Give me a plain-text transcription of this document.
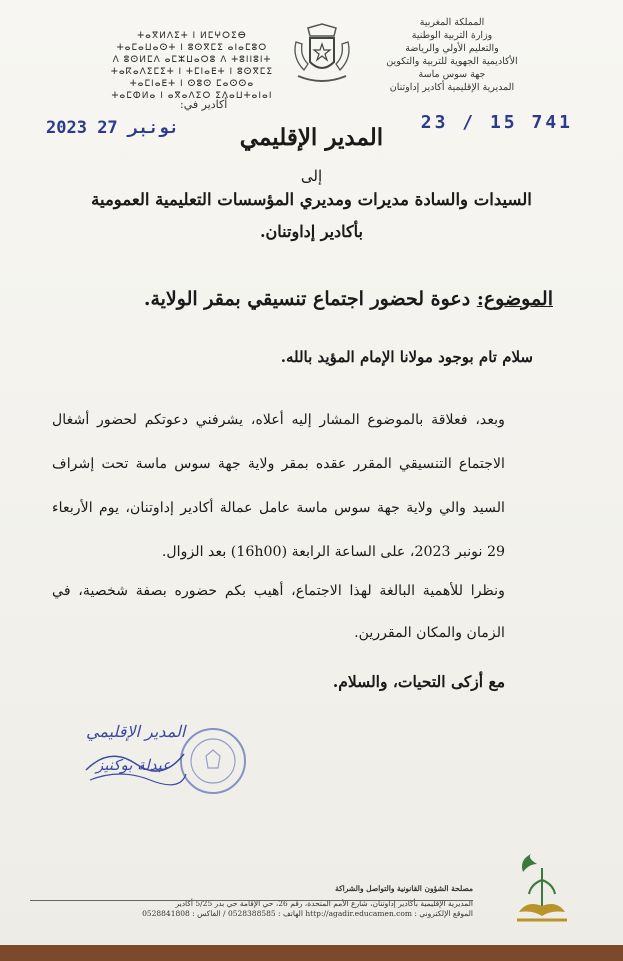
المملكة المغربية
وزارة التربية الوطنية
والتعليم الأولي والرياضة
الأكاديمية الجهوية للتربية والتكوين
جهة سوس ماسة
المديرية الإقليمية أكادير إداوتنان
ⵜⴰⴳⵍⴷⵉⵜ ⵏ ⵍⵎⵖⵔⵉⴱ
ⵜⴰⵎⴰⵡⴰⵙⵜ ⵏ ⵓⵙⴳⵎⵉ ⴰⵏⴰⵎⵓⵔ
ⴷ ⵓⵙⵍⵎⴷ ⴰⵎⵣⵡⴰⵔⵓ ⴷ ⵜⵓⵏⵏⵓⵏⵜ
ⵜⴰⴽⴰⴷⵉⵎⵉⵜ ⵏ ⵜⵎⵏⴰⴹⵜ ⵏ ⵓⵙⴳⵎⵉ
ⵜⴰⵎⵏⴰⴹⵜ ⵏ ⵙⵓⵙ ⵎⴰⵙⵙⴰ
ⵜⴰⵎⵀⵍⴰ ⵏ ⴰⴳⴰⴷⵉⵔ ⵉⴷⴰⵡⵜⴰⵏⴰⵏ
أكادير في:
2023 نونبر 27	23 / 15 741
المدير الإقليمي
إلى
السيدات والسادة مديرات ومديري المؤسسات التعليمية العمومية
بأكادير إداوتنان.
الموضوع: دعوة لحضور اجتماع تنسيقي بمقر الولاية.
سلام تام بوجود مولانا الإمام المؤيد بالله.
وبعد، فعلاقة بالموضوع المشار إليه أعلاه، يشرفني دعوتكم لحضور أشغال الاجتماع التنسيقي المقرر عقده بمقر ولاية جهة سوس ماسة تحت إشراف السيد والي ولاية جهة سوس ماسة عامل عمالة أكادير إداوتنان، يوم الأربعاء 29 نونبر 2023، على الساعة الرابعة (16h00) بعد الزوال.
ونظرا للأهمية البالغة لهذا الاجتماع، أهيب بكم حضوره بصفة شخصية، في الزمان والمكان المقررين.
مع أزكى التحيات، والسلام.
المدير الإقليمي
عبدلة بوكنيز
مصلحة الشؤون القانونية والتواصل والشراكة
المديرية الإقليمية بأكادير إداوتنان، شارع الأمم المتحدة، رقم 26، حي الإقامة حي بدر 5/25 أكادير
الموقع الإلكتروني : http://agadir.educamen.com الهاتف : 0528388585 / الفاكس : 0528841808
